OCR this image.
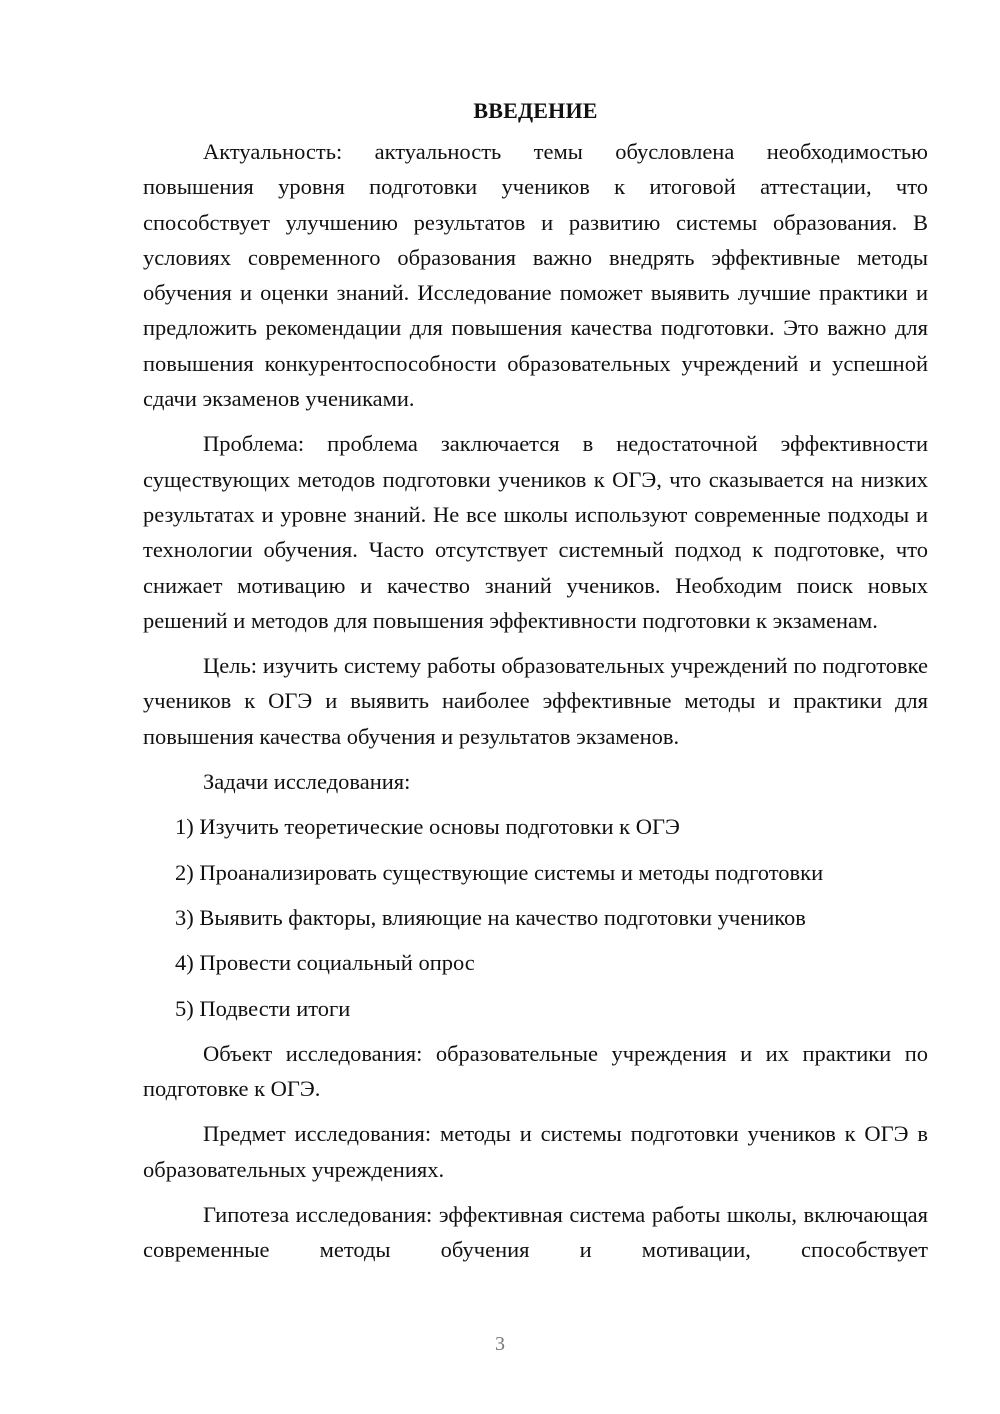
ВВЕДЕНИЕ

Актуальность: актуальность темы обусловлена необходимостью повышения уровня подготовки учеников к итоговой аттестации, что способствует улучшению результатов и развитию системы образования. В условиях современного образования важно внедрять эффективные методы обучения и оценки знаний. Исследование поможет выявить лучшие практики и предложить рекомендации для повышения качества подготовки. Это важно для повышения конкурентоспособности образовательных учреждений и успешной сдачи экзаменов учениками.

Проблема: проблема заключается в недостаточной эффективности существующих методов подготовки учеников к ОГЭ, что сказывается на низких результатах и уровне знаний. Не все школы используют современные подходы и технологии обучения. Часто отсутствует системный подход к подготовке, что снижает мотивацию и качество знаний учеников. Необходим поиск новых решений и методов для повышения эффективности подготовки к экзаменам.

Цель: изучить систему работы образовательных учреждений по подготовке учеников к ОГЭ и выявить наиболее эффективные методы и практики для повышения качества обучения и результатов экзаменов.

Задачи исследования:

1) Изучить теоретические основы подготовки к ОГЭ
2) Проанализировать существующие системы и методы подготовки
3) Выявить факторы, влияющие на качество подготовки учеников
4) Провести социальный опрос
5) Подвести итоги

Объект исследования: образовательные учреждения и их практики по подготовке к ОГЭ.

Предмет исследования: методы и системы подготовки учеников к ОГЭ в образовательных учреждениях.

Гипотеза исследования: эффективная система работы школы, включающая современные методы обучения и мотивации, способствует

3
